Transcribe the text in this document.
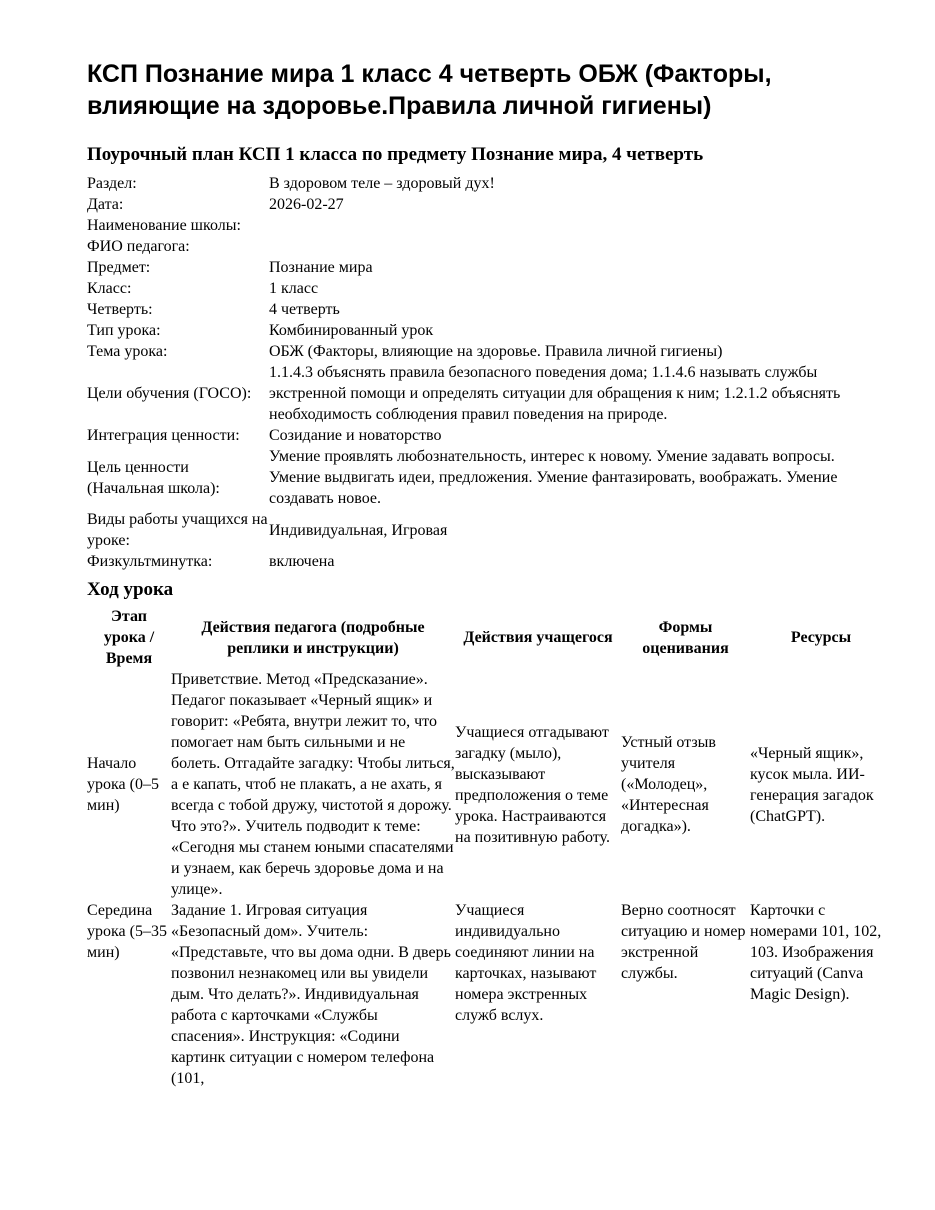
КСП Познание мира 1 класс 4 четверть ОБЖ (Факторы, влияющие на здоровье.Правила личной гигиены)
Поурочный план КСП 1 класса по предмету Познание мира, 4 четверть
Раздел:	В здоровом теле – здоровый дух!
Дата:	2026-02-27
Наименование школы:	
ФИО педагога:	
Предмет:	Познание мира
Класс:	1 класс
Четверть:	4 четверть
Тип урока:	Комбинированный урок
Тема урока:	ОБЖ (Факторы, влияющие на здоровье. Правила личной гигиены)
Цели обучения (ГОСО):	1.1.4.3 объяснять правила безопасного поведения дома; 1.1.4.6 называть службы экстренной помощи и определять ситуации для обращения к ним; 1.2.1.2 объяснять необходимость соблюдения правил поведения на природе.
Интеграция ценности:	Созидание и новаторство
Цель ценности (Начальная школа):	Умение проявлять любознательность, интерес к новому. Умение задавать вопросы. Умение выдвигать идеи, предложения. Умение фантазировать, воображать. Умение создавать новое.
Виды работы учащихся на уроке:	Индивидуальная, Игровая
Физкультминутка:	включена
Ход урока
Этап урока / Время	Действия педагога (подробные реплики и инструкции)	Действия учащегося	Формы оценивания	Ресурсы
Начало урока (0–5 мин)	Приветствие. Метод «Предсказание». Педагог показывает «Черный ящик» и говорит: «Ребята, внутри лежит то, что помогает нам быть сильными и не болеть. Отгадайте загадку: Чтобы литься, а е капать, чтоб не плакать, а не ахать, я всегда с тобой дружу, чистотой я дорожу. Что это?». Учитель подводит к теме: «Сегодня мы станем юными спасателями и узнаем, как беречь здоровье дома и на улице».	Учащиеся отгадывают загадку (мыло), высказывают предположения о теме урока. Настраиваются на позитивную работу.	Устный отзыв учителя («Молодец», «Интересная догадка»).	«Черный ящик», кусок мыла. ИИ-генерация загадок (ChatGPT).
Середина урока (5–35 мин)	Задание 1. Игровая ситуация «Безопасный дом». Учитель: «Представьте, что вы дома одни. В дверь позвонил незнакомец или вы увидели дым. Что делать?». Индивидуальная работа с карточками «Службы спасения». Инструкция: «Содини картинк ситуации с номером телефона (101,	Учащиеся индивидуально соединяют линии на карточках, называют номера экстренных служб вслух.	Верно соотносят ситуацию и номер экстренной службы.	Карточки с номерами 101, 102, 103. Изображения ситуаций (Canva Magic Design).
